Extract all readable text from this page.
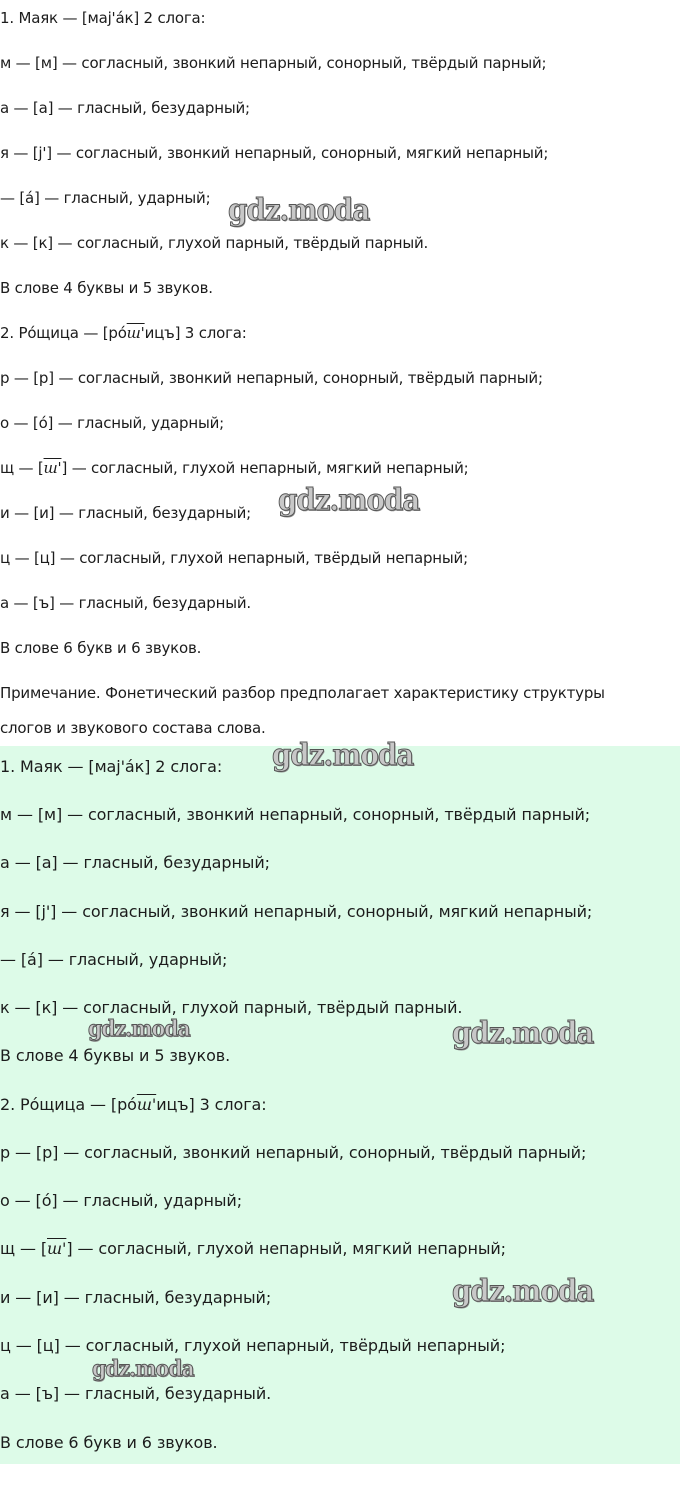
1. Маяк — [маj'áк] 2 слога:
м — [м] — согласный, звонкий непарный, сонорный, твёрдый парный;
а — [а] — гласный, безударный;
я — [j'] — согласный, звонкий непарный, сонорный, мягкий непарный;
— [á] — гласный, ударный;
к — [к] — согласный, глухой парный, твёрдый парный.
В слове 4 буквы и 5 звуков.
2. Рóщица — [рóш'ицъ] 3 слога:
р — [р] — согласный, звонкий непарный, сонорный, твёрдый парный;
о — [ó] — гласный, ударный;
щ — [ш'] — согласный, глухой непарный, мягкий непарный;
и — [и] — гласный, безударный;
ц — [ц] — согласный, глухой непарный, твёрдый непарный;
а — [ъ] — гласный, безударный.
В слове 6 букв и 6 звуков.
Примечание. Фонетический разбор предполагает характеристику структуры
слогов и звукового состава слова.
gdz.moda
gdz.moda
1. Маяк — [маj'áк] 2 слога:
м — [м] — согласный, звонкий непарный, сонорный, твёрдый парный;
а — [а] — гласный, безударный;
я — [j'] — согласный, звонкий непарный, сонорный, мягкий непарный;
— [á] — гласный, ударный;
к — [к] — согласный, глухой парный, твёрдый парный.
В слове 4 буквы и 5 звуков.
2. Рóщица — [рóш'ицъ] 3 слога:
р — [р] — согласный, звонкий непарный, сонорный, твёрдый парный;
о — [ó] — гласный, ударный;
щ — [ш'] — согласный, глухой непарный, мягкий непарный;
и — [и] — гласный, безударный;
ц — [ц] — согласный, глухой непарный, твёрдый непарный;
а — [ъ] — гласный, безударный.
В слове 6 букв и 6 звуков.
gdz.moda
gdz.moda	gdz.moda
gdz.moda
gdz.moda
